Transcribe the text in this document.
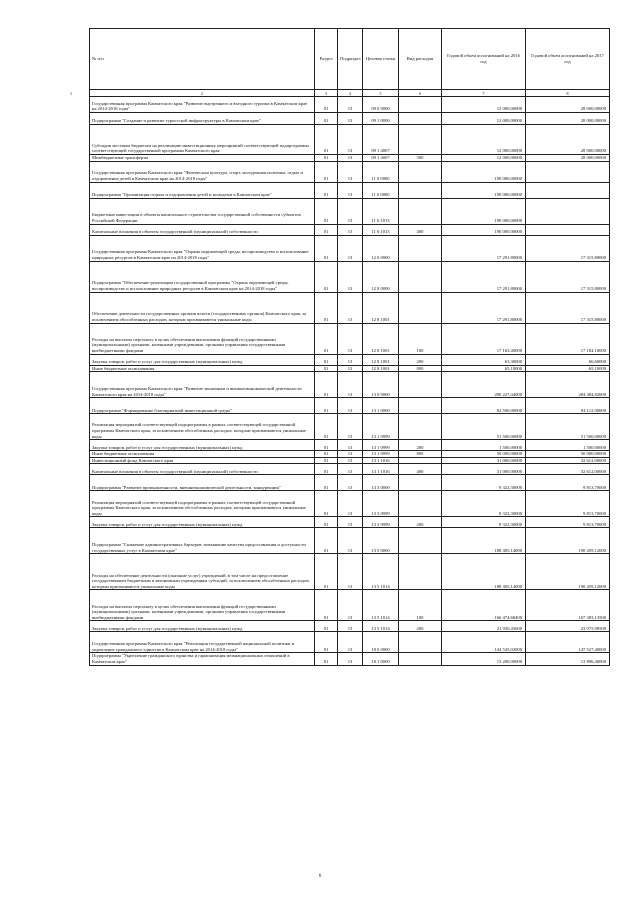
№ п/п	Раздел	Подраздел	Целевая статья	Вид расходов	Годовой объем ассигнований на 2016 год	Годовой объем ассигнований на 2017 год

1 2	3	4	5	6	7	8
Государственная программа Камчатского края "Развитие внутреннего и въездного туризма в Камчатском крае на 2014-2018 годы"	01	13	09 0 0000		12 000,00000	28 000,00000
Подпрограмма "Создание и развитие туристской инфраструктуры в Камчатском крае"	01	13	09 1 0000		12 000,00000	28 000,00000
Субсидии местным бюджетам на реализацию инвестиционных мероприятий соответствующей подпрограммы соответствующей государственной программы Камчатского края	01	13	09 1 4007		12 000,00000	28 000,00000
Межбюджетные трансферты	01	13	09 1 4007	500	12 000,00000	28 000,00000
Государственная программа Камчатского края "Физическая культура, спорт, молодежная политика, отдых и оздоровление детей в Камчатском крае на 2014-2018 годы"	01	13	11 0 0000		190 000,00000	
Подпрограмма "Организация отдыха и оздоровления детей и молодежи в Камчатском крае"	01	13	11 6 0000		190 000,00000	
Бюджетные инвестиции в объекты капитального строительства государственной собственности субъектов Российской Федерации	01	13	11 6 1013		190 000,00000	
Капитальные вложения в объекты государственной (муниципальной) собственности	01	13	11 6 1013	400	190 000,00000	
Государственная программа Камчатского края "Охрана окружающей среды, воспроизводство и использование природных ресурсов в Камчатском крае на 2014-2018 годы"	01	13	12 0 0000		17 291,80000	17 315,80000
Подпрограмма "Обеспечение реализации государственной программы "Охрана окружающей среды, воспроизводство и использование природных ресурсов в Камчатском крае на 2014-2018 годы"	01	13	12 8 0000		17 291,80000	17 315,80000
Обеспечение деятельности государственных органов власти (государственных органов) Камчатского края, за исключением обособленных расходов, которым присваиваются уникальные коды	01	13	12 8 1001		17 291,80000	17 315,80000
Расходы на выплаты персоналу в целях обеспечения выполнения функций государственными (муниципальными) органами, казенными учреждениями, органами управления государственными внебюджетными фондами	01	13	12 8 1001	100	17 163,40000	17 184,10000
Закупка товаров, работ и услуг для государственных (муниципальных) нужд	01	13	12 8 1001	200	63,30000	66,60000
Иные бюджетные ассигнования	01	13	12 8 1001	800	65,10000	65,10000
Государственная программа Камчатского края "Развитие экономики и внешнеэкономической деятельности Камчатского края на 2014-2018 годы"	01	13	13 0 0000		280 227,44000	284 384,82000
Подпрограмма "Формирование благоприятной инвестиционной среды"	01	13	13 1 0000		82 500,00000	84 112,00000
Реализация мероприятий соответствующей подпрограммы в рамках соответствующей государственной программы Камчатского края, за исключением обособленных расходов, которым присваиваются уникальные коды	01	13	13 1 0999		51 500,00000	51 500,00000
Закупка товаров, работ и услуг для государственных (муниципальных) нужд	01	13	13 1 0999	200	1 500,00000	1 500,00000
Иные бюджетные ассигнования	01	13	13 1 0999	800	50 000,00000	50 000,00000
Инвестиционный фонд Камчатского края	01	13	13 1 1016		31 000,00000	32 612,00000
Капитальные вложения в объекты государственной (муниципальной) собственности	01	13	13 1 1016	400	31 000,00000	32 612,00000
Подпрограмма "Развитие промышленности, внешнеэкономической деятельности, конкуренции"	01	13	13 3 0000		9 322,30000	9 813,70000
Реализация мероприятий соответствующей подпрограммы в рамках соответствующей государственной программы Камчатского края, за исключением обособленных расходов, которым присваиваются уникальные коды	01	13	13 3 0999		9 322,30000	9 813,70000
Закупка товаров, работ и услуг для государственных (муниципальных) нужд	01	13	13 3 0999	200	9 322,30000	9 813,70000
Подпрограмма "Снижение административных барьеров, повышение качества предоставления и доступности государственных услуг в Камчатском крае"	01	13	13 5 0000		188 405,14000	190 459,12000
Расходы на обеспечение деятельности (оказание услуг) учреждений, в том числе на предоставление государственным бюджетным и автономным учреждениям субсидий, за исключением обособленных расходов, которым присваиваются уникальные коды	01	13	13 5 1014		188 405,14000	190 459,12000
Расходы на выплаты персоналу в целях обеспечения выполнения функций государственными (муниципальными) органами, казенными учреждениями, органами управления государственными внебюджетными фондами	01	13	13 5 1014	100	166 474,68400	167 383,13500
Закупка товаров, работ и услуг для государственных (муниципальных) нужд	01	13	13 5 1014	200	21 930,45600	23 075,98500
Государственная программа Камчатского края "Реализация государственной национальной политики и укрепление гражданского единства в Камчатском крае на 2014-2018 годы"	01	13	18 0 0000		144 545,02000	147 527,40000
Подпрограмма "Укрепление гражданского единства и гармонизация межнациональных отношений в Камчатском крае"	01	13	18 1 0000		13 200,00000	13 896,40000
6
